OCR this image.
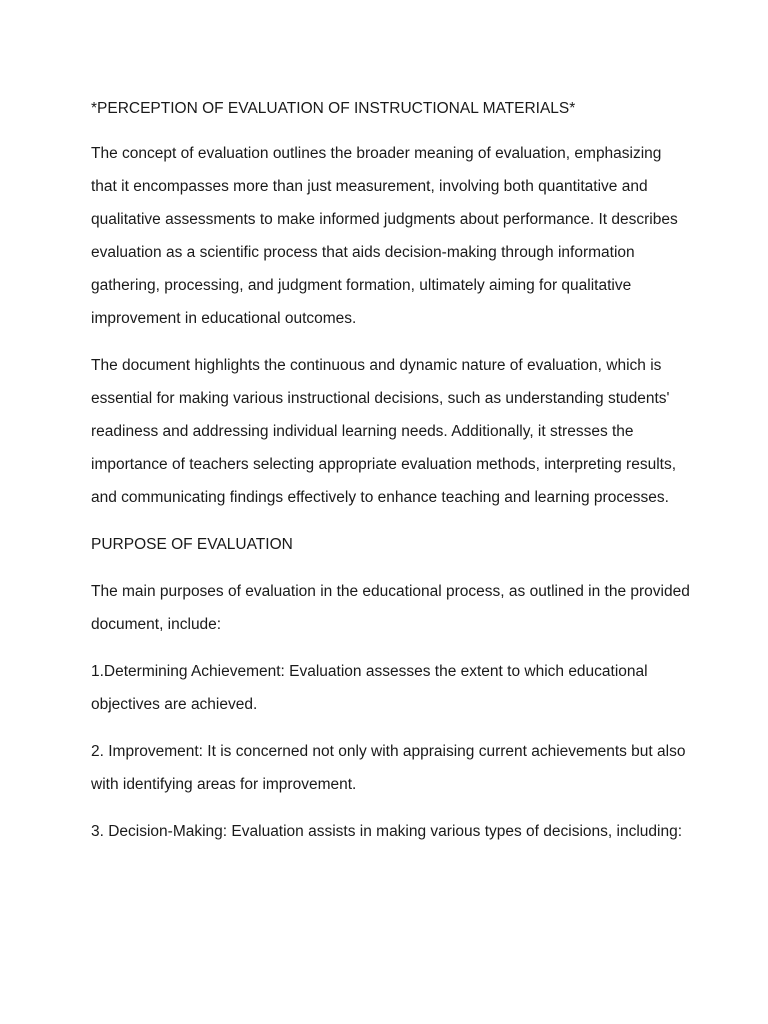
*PERCEPTION OF EVALUATION OF INSTRUCTIONAL MATERIALS*

The concept of evaluation outlines the broader meaning of evaluation, emphasizing that it encompasses more than just measurement, involving both quantitative and qualitative assessments to make informed judgments about performance. It describes evaluation as a scientific process that aids decision-making through information gathering, processing, and judgment formation, ultimately aiming for qualitative improvement in educational outcomes.

The document highlights the continuous and dynamic nature of evaluation, which is essential for making various instructional decisions, such as understanding students' readiness and addressing individual learning needs. Additionally, it stresses the importance of teachers selecting appropriate evaluation methods, interpreting results, and communicating findings effectively to enhance teaching and learning processes.

PURPOSE OF EVALUATION

The main purposes of evaluation in the educational process, as outlined in the provided document, include:

1.Determining Achievement: Evaluation assesses the extent to which educational objectives are achieved.

2. Improvement: It is concerned not only with appraising current achievements but also with identifying areas for improvement.

3. Decision-Making: Evaluation assists in making various types of decisions, including:
